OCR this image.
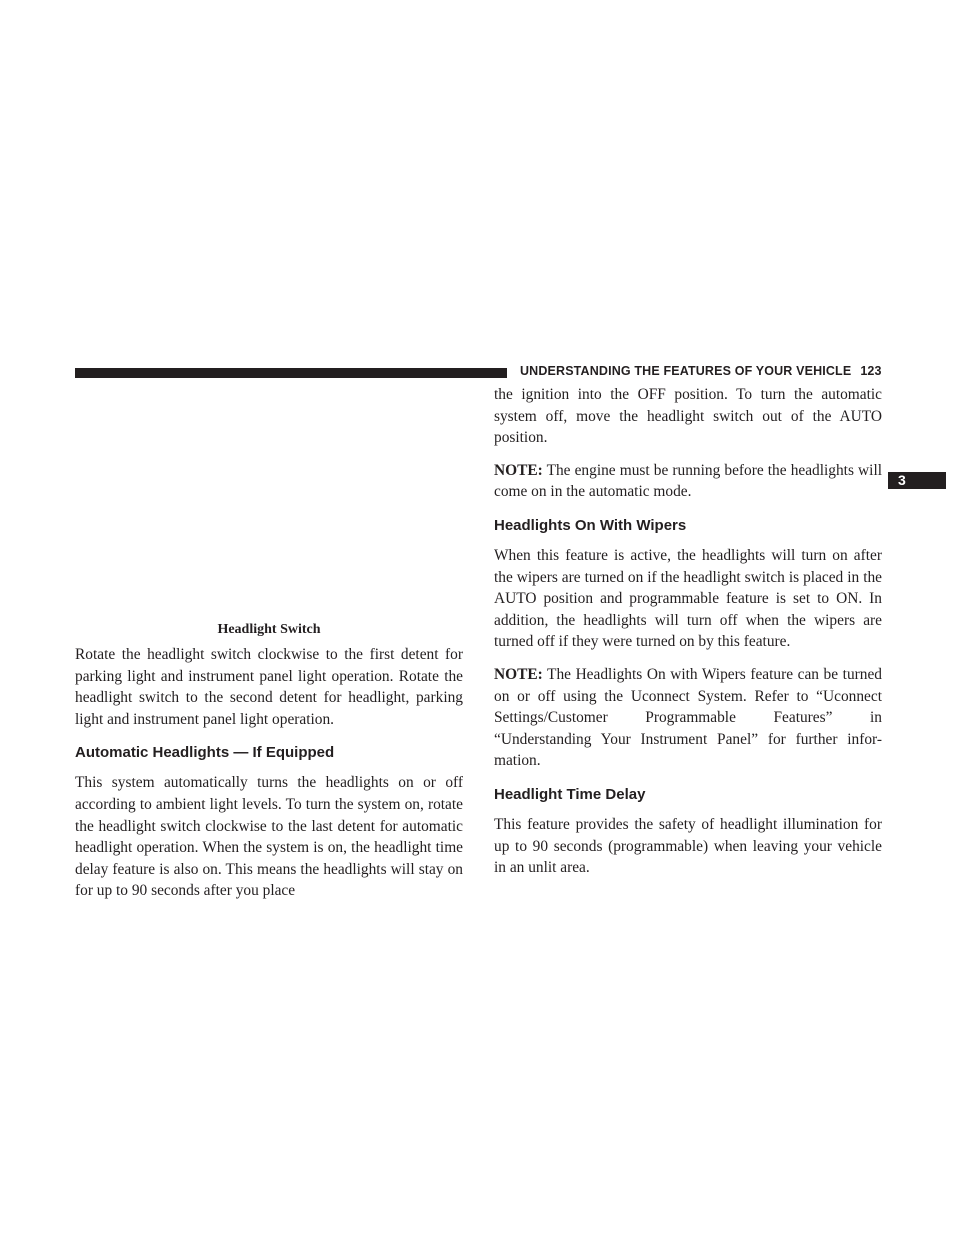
UNDERSTANDING THE FEATURES OF YOUR VEHICLE 123
3
Headlight Switch

Rotate the headlight switch clockwise to the first detent for parking light and instrument panel light operation. Rotate the headlight switch to the second detent for headlight, parking light and instrument panel light operation.

Automatic Headlights — If Equipped

This system automatically turns the headlights on or off according to ambient light levels. To turn the system on, rotate the headlight switch clockwise to the last detent for automatic headlight operation. When the system is on, the headlight time delay feature is also on. This means the headlights will stay on for up to 90 seconds after you place

the ignition into the OFF position. To turn the automatic system off, move the headlight switch out of the AUTO position.

NOTE: The engine must be running before the headlights will come on in the automatic mode.

Headlights On With Wipers

When this feature is active, the headlights will turn on after the wipers are turned on if the headlight switch is placed in the AUTO position and programmable feature is set to ON. In addition, the headlights will turn off when the wipers are turned off if they were turned on by this feature.

NOTE: The Headlights On with Wipers feature can be turned on or off using the Uconnect System. Refer to “Uconnect Settings/Customer Programmable Features” in “Understanding Your Instrument Panel” for further infor- mation.

Headlight Time Delay

This feature provides the safety of headlight illumination for up to 90 seconds (programmable) when leaving your vehicle in an unlit area.
